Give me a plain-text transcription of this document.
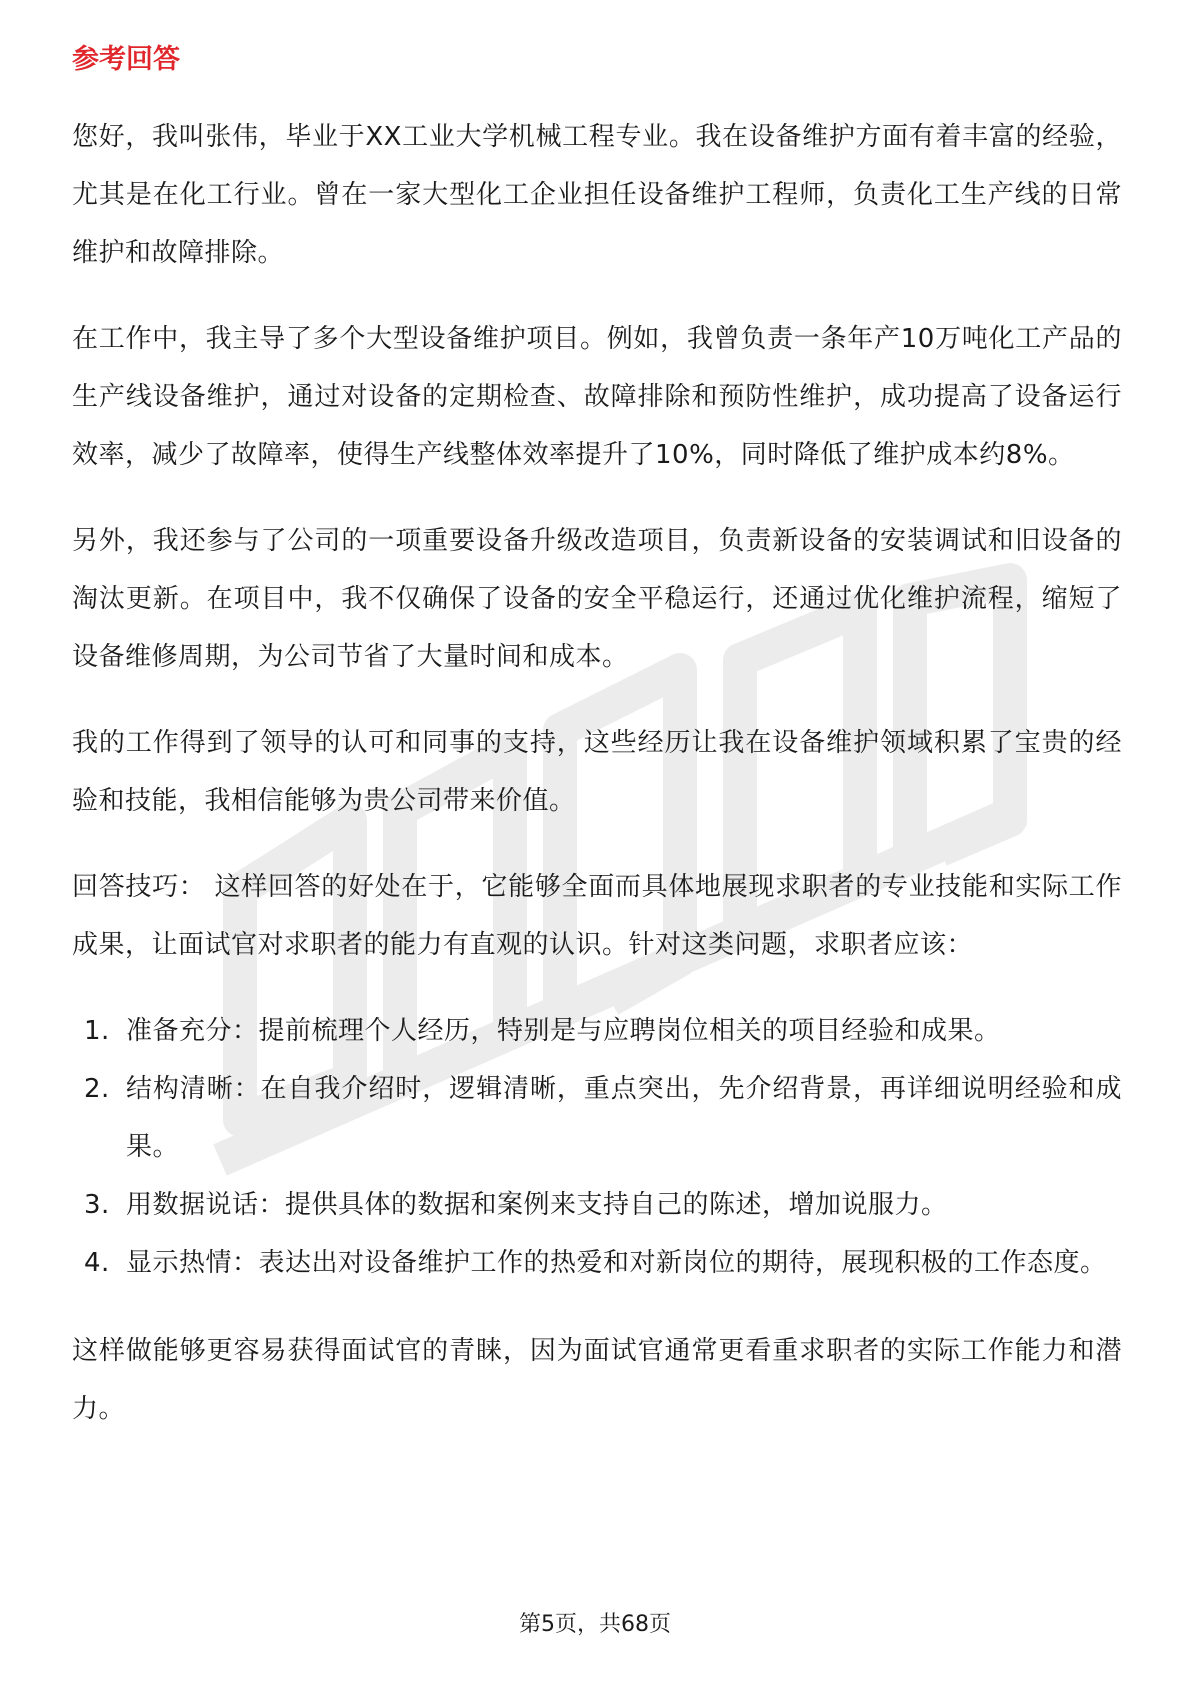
参考回答

您好，我叫张伟，毕业于XX工业大学机械工程专业。我在设备维护方面有着丰富的经验，尤其是在化工行业。曾在一家大型化工企业担任设备维护工程师，负责化工生产线的日常维护和故障排除。

在工作中，我主导了多个大型设备维护项目。例如，我曾负责一条年产10万吨化工产品的生产线设备维护，通过对设备的定期检查、故障排除和预防性维护，成功提高了设备运行效率，减少了故障率，使得生产线整体效率提升了10%，同时降低了维护成本约8%。

另外，我还参与了公司的一项重要设备升级改造项目，负责新设备的安装调试和旧设备的淘汰更新。在项目中，我不仅确保了设备的安全平稳运行，还通过优化维护流程，缩短了设备维修周期，为公司节省了大量时间和成本。

我的工作得到了领导的认可和同事的支持，这些经历让我在设备维护领域积累了宝贵的经验和技能，我相信能够为贵公司带来价值。

回答技巧： 这样回答的好处在于，它能够全面而具体地展现求职者的专业技能和实际工作成果，让面试官对求职者的能力有直观的认识。针对这类问题，求职者应该：

1. 准备充分：提前梳理个人经历，特别是与应聘岗位相关的项目经验和成果。
2. 结构清晰：在自我介绍时，逻辑清晰，重点突出，先介绍背景，再详细说明经验和成果。
3. 用数据说话：提供具体的数据和案例来支持自己的陈述，增加说服力。
4. 显示热情：表达出对设备维护工作的热爱和对新岗位的期待，展现积极的工作态度。

这样做能够更容易获得面试官的青睐，因为面试官通常更看重求职者的实际工作能力和潜力。

第5页，共68页
